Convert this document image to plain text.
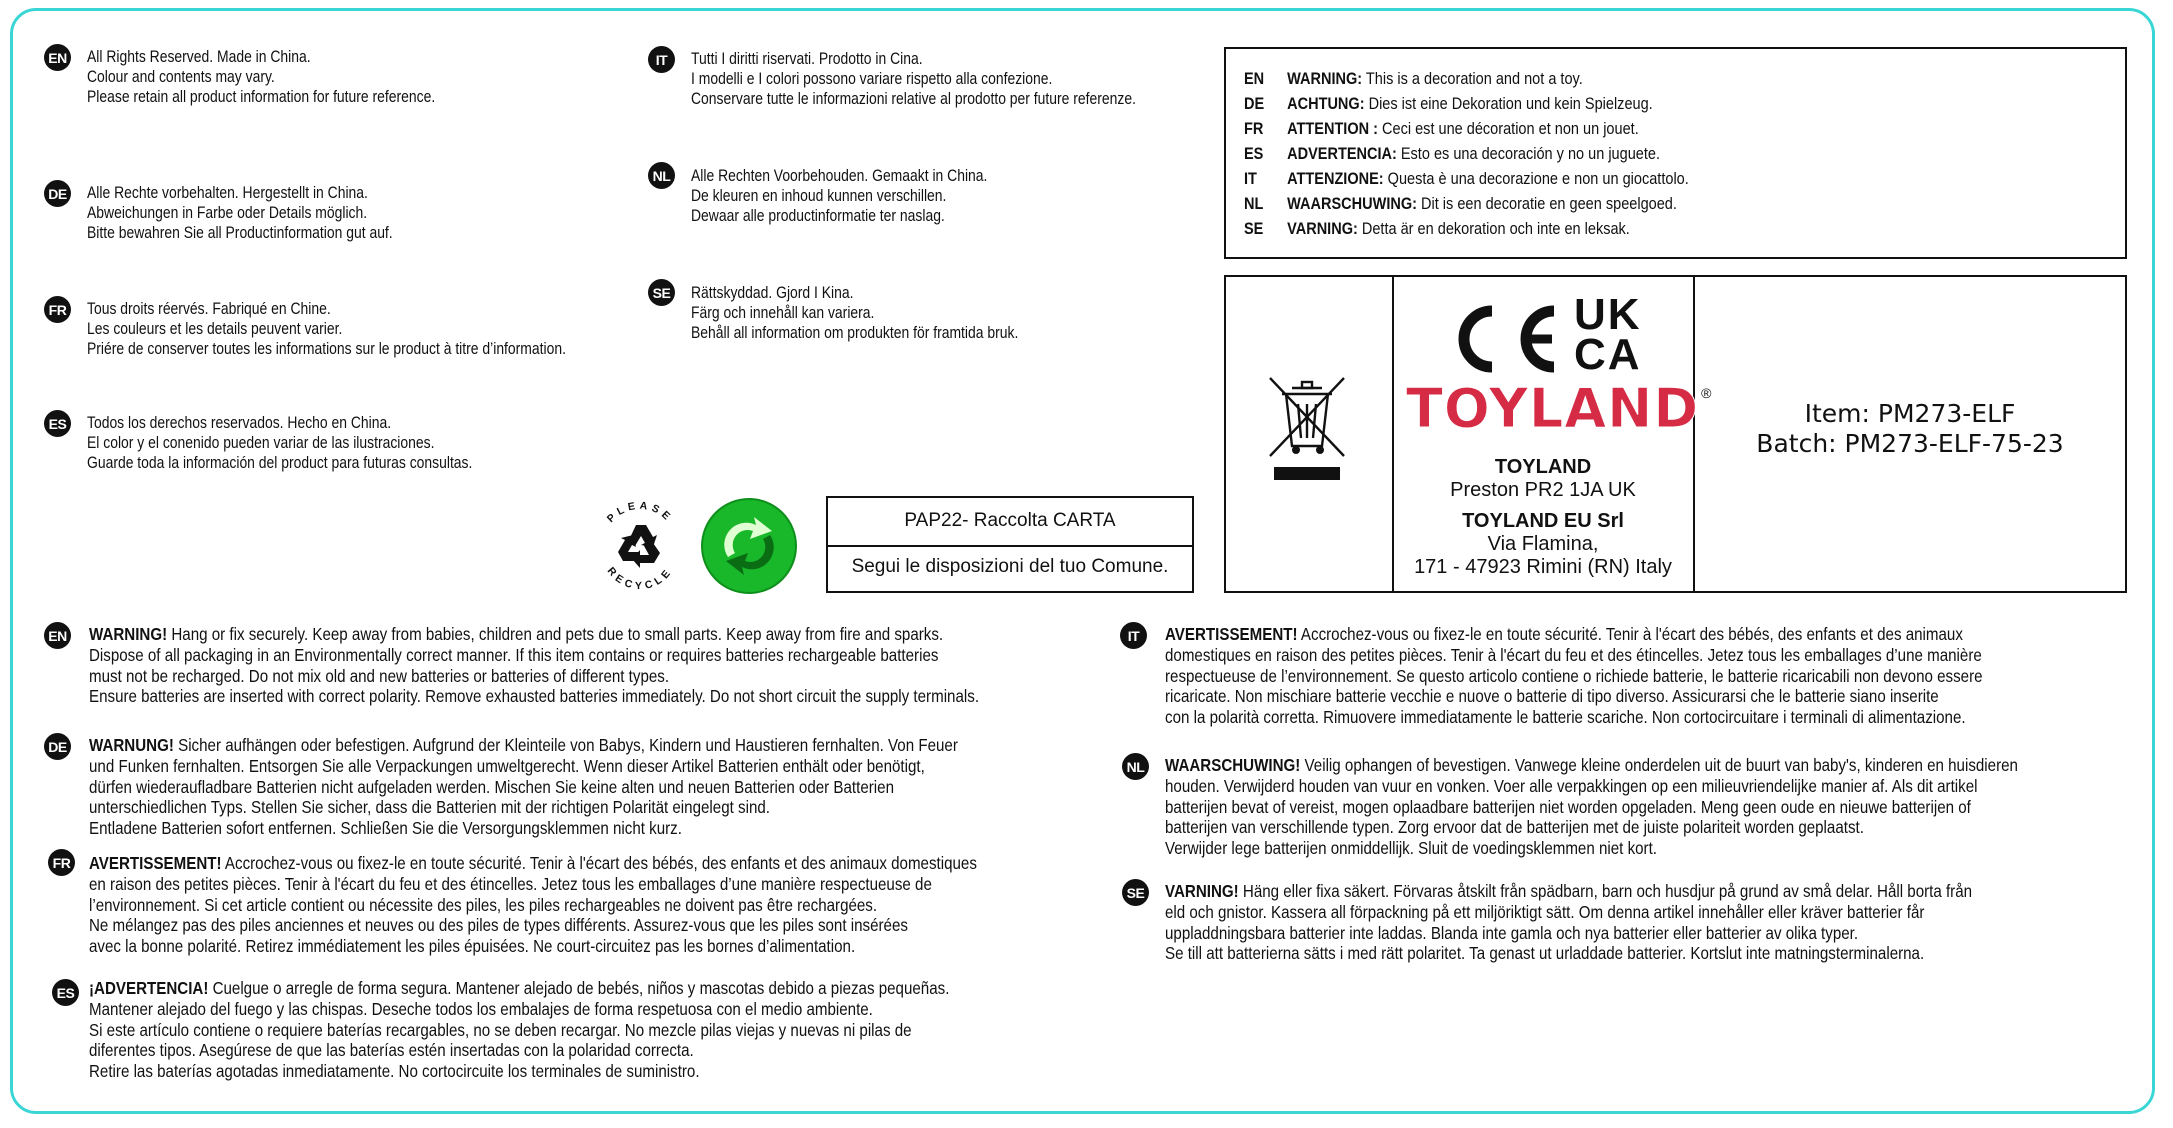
EN All Rights Reserved. Made in China.
Colour and contents may vary.
Please retain all product information for future reference.
DE Alle Rechte vorbehalten. Hergestellt in China.
Abweichungen in Farbe oder Details möglich.
Bitte bewahren Sie all Productinformation gut auf.
FR Tous droits réervés. Fabriqué en Chine.
Les couleurs et les details peuvent varier.
Priére de conserver toutes les informations sur le product à titre d’information.
ES Todos los derechos reservados. Hecho en China.
El color y el conenido pueden variar de las ilustraciones.
Guarde toda la información del product para futuras consultas.
IT	Tutti I diritti riservati. Prodotto in Cina.
I modelli e I colori possono variare rispetto alla confezione.
Conservare tutte le informazioni relative al prodotto per future referenze.
NL Alle Rechten Voorbehouden. Gemaakt in China.
De kleuren en inhoud kunnen verschillen.
Dewaar alle productinformatie ter naslag.
SE Rättskyddad. Gjord I Kina.
Färg och innehåll kan variera.
Behåll all information om produkten för framtida bruk.
EN WARNING: This is a decoration and not a toy.
DE ACHTUNG: Dies ist eine Dekoration und kein Spielzeug.
FR ATTENTION : Ceci est une décoration et non un jouet.
ES ADVERTENCIA: Esto es una decoración y no un juguete.
IT ATTENZIONE: Questa è una decorazione e non un giocattolo.
NL WAARSCHUWING: Dit is een decoratie en geen speelgoed.
SE VARNING: Detta är en dekoration och inte en leksak.
PLEASE
RECYCLE
PAP22- Raccolta CARTA
Segui le disposizioni del tuo Comune.
UK
CA
TOYLAND ®
TOYLAND
Preston PR2 1JA UK
TOYLAND EU Srl
Via Flamina,
171 - 47923 Rimini (RN) Italy
Item: PM273-ELF
Batch: PM273-ELF-75-23
EN WARNING! Hang or fix securely. Keep away from babies, children and pets due to small parts. Keep away from fire and sparks.
Dispose of all packaging in an Environmentally correct manner. If this item contains or requires batteries rechargeable batteries
must not be recharged. Do not mix old and new batteries or batteries of different types.
Ensure batteries are inserted with correct polarity. Remove exhausted batteries immediately. Do not short circuit the supply terminals.
DE WARNUNG! Sicher aufhängen oder befestigen. Aufgrund der Kleinteile von Babys, Kindern und Haustieren fernhalten. Von Feuer
und Funken fernhalten. Entsorgen Sie alle Verpackungen umweltgerecht. Wenn dieser Artikel Batterien enthält oder benötigt,
dürfen wiederaufladbare Batterien nicht aufgeladen werden. Mischen Sie keine alten und neuen Batterien oder Batterien
unterschiedlichen Typs. Stellen Sie sicher, dass die Batterien mit der richtigen Polarität eingelegt sind.
Entladene Batterien sofort entfernen. Schließen Sie die Versorgungsklemmen nicht kurz.
FR AVERTISSEMENT! Accrochez-vous ou fixez-le en toute sécurité. Tenir à l'écart des bébés, des enfants et des animaux domestiques
en raison des petites pièces. Tenir à l'écart du feu et des étincelles. Jetez tous les emballages d’une manière respectueuse de
l’environnement. Si cet article contient ou nécessite des piles, les piles rechargeables ne doivent pas être rechargées.
Ne mélangez pas des piles anciennes et neuves ou des piles de types différents. Assurez-vous que les piles sont insérées
avec la bonne polarité. Retirez immédiatement les piles épuisées. Ne court-circuitez pas les bornes d’alimentation.
ES ¡ADVERTENCIA! Cuelgue o arregle de forma segura. Mantener alejado de bebés, niños y mascotas debido a piezas pequeñas.
Mantener alejado del fuego y las chispas. Deseche todos los embalajes de forma respetuosa con el medio ambiente.
Si este artículo contiene o requiere baterías recargables, no se deben recargar. No mezcle pilas viejas y nuevas ni pilas de
diferentes tipos. Asegúrese de que las baterías estén insertadas con la polaridad correcta.
Retire las baterías agotadas inmediatamente. No cortocircuite los terminales de suministro.
IT	AVERTISSEMENT! Accrochez-vous ou fixez-le en toute sécurité. Tenir à l'écart des bébés, des enfants et des animaux
domestiques en raison des petites pièces. Tenir à l'écart du feu et des étincelles. Jetez tous les emballages d’une manière
respectueuse de l’environnement. Se questo articolo contiene o richiede batterie, le batterie ricaricabili non devono essere
ricaricate. Non mischiare batterie vecchie e nuove o batterie di tipo diverso. Assicurarsi che le batterie siano inserite
con la polarità corretta. Rimuovere immediatamente le batterie scariche. Non cortocircuitare i terminali di alimentazione.
NL WAARSCHUWING! Veilig ophangen of bevestigen. Vanwege kleine onderdelen uit de buurt van baby's, kinderen en huisdieren
houden. Verwijderd houden van vuur en vonken. Voer alle verpakkingen op een milieuvriendelijke manier af. Als dit artikel
batterijen bevat of vereist, mogen oplaadbare batterijen niet worden opgeladen. Meng geen oude en nieuwe batterijen of
batterijen van verschillende typen. Zorg ervoor dat de batterijen met de juiste polariteit worden geplaatst.
Verwijder lege batterijen onmiddellijk. Sluit de voedingsklemmen niet kort.
SE VARNING! Häng eller fixa säkert. Förvaras åtskilt från spädbarn, barn och husdjur på grund av små delar. Håll borta från
eld och gnistor. Kassera all förpackning på ett miljöriktigt sätt. Om denna artikel innehåller eller kräver batterier får
uppladdningsbara batterier inte laddas. Blanda inte gamla och nya batterier eller batterier av olika typer.
Se till att batterierna sätts i med rätt polaritet. Ta genast ut urladdade batterier. Kortslut inte matningsterminalerna.
